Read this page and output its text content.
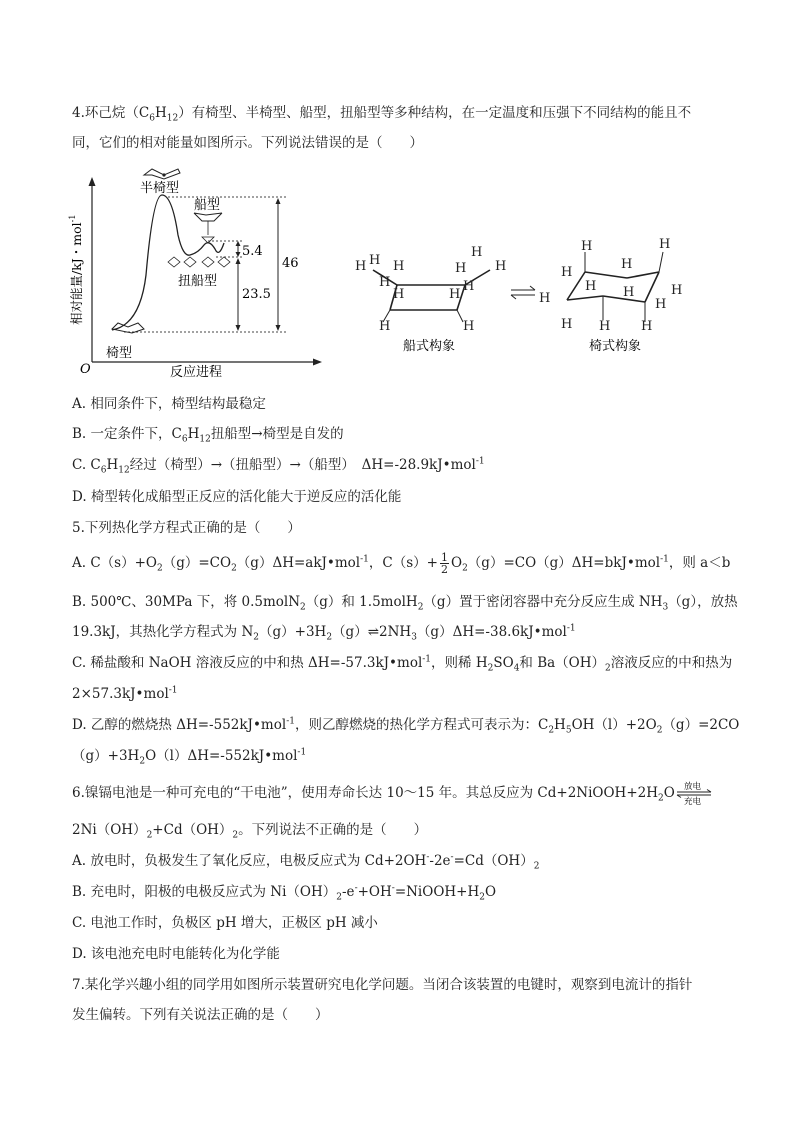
4.环己烷$(C_6H_{12})$有椅型、半椅型、船型，扭船型等多种结构，在一定温度和压强下不同结构的能且不
同，它们的相对能量如图所示。下列说法错误的是（　　）
O	反应进程
相对能量/kJ・mol$^{-1}$
5.4
23.5
46
半椅型
船型
扭船型
椅型
H
H H
H
H
H
H
H
H
H
H
H
船式构象
H
H
H
H H
H
H
H
H
H
H
H
椅式构象
A. 相同条件下，椅型结构最稳定
B. 一定条件下，$C_6H_{12}$扭船型→椅型是自发的
C. $C_6H_{12}$经过（椅型）→（扭船型）→（船型）　ΔH=-28.9kJ•mol$^{-1}$
D. 椅型转化成船型正反应的活化能大于逆反应的活化能
5.下列热化学方程式正确的是（　　）
A. $C(s)+O_2(g)=CO_2(g)\Delta H=akJ•mol^{-1}$，$C(s)+ \frac{1}{2}$ $O_2(g)=CO(g)\Delta H=bkJ•mol^{-1}$，则 a＜b
B. 500℃、30MPa 下，将 0.5molN$_2$（g）和 1.5molH$_2$（g）置于密闭容器中充分反应生成 $NH_3(g)$，放热
19.3kJ，其热化学方程式为 $N_2(g)+3H_2(g)\rightleftharpoons 2NH_3(g)\Delta H=-38.6kJ•mol^{-1}$
C. 稀盐酸和 NaOH 溶液反应的中和热 ΔH=-57.3kJ•mol$^{-1}$，则稀 $H_2SO_4$和 $Ba(OH)_2$溶液反应的中和热为
2×57.3kJ•mol$^{-1}$
D. 乙醇的燃烧热 ΔH=-552kJ•mol$^{-1}$，则乙醇燃烧的热化学方程式可表示为：$C_2H_5OH(l)+2O_2(g)=2CO$
$(g)+3H_2O(l)\Delta H=-552kJ•mol^{-1}$
6.镍镉电池是一种可充电的“干电池”，使用寿命长达 10～15 年。其总反应为 $Cd+2NiOOH+2H_2O$ 放电
充电
$2Ni(OH)_2+Cd(OH)_2$。下列说法不正确的是（　　）
A. 放电时，负极发生了氧化反应，电极反应式为 $Cd+2OH^--2e^-=Cd(OH)_2$
B. 充电时，阳极的电极反应式为 $Ni(OH)_2-e^-+OH^-=NiOOH+H_2O$
C. 电池工作时，负极区 pH 增大，正极区 pH 减小
D. 该电池充电时电能转化为化学能
7.某化学兴趣小组的同学用如图所示装置研究电化学问题。当闭合该装置的电键时，观察到电流计的指针
发生偏转。下列有关说法正确的是（　　）
